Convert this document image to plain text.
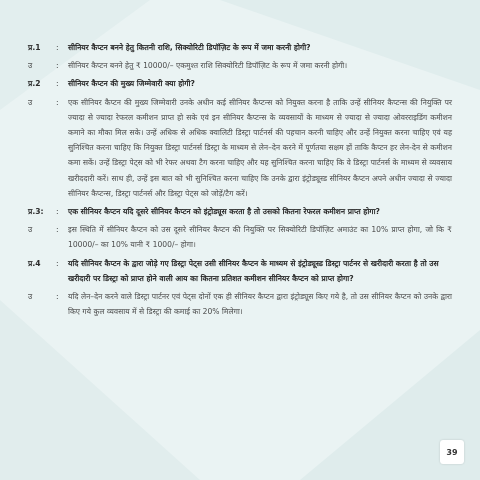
प्र.1	:	सीनियर कैप्टन बनने हेतु कितनी राशि, सिक्योरिटी डिपॉज़िट के रूप में जमा करनी होगी?
उ	:	सीनियर कैप्टन बनने हेतु ₹ 10000/– एकमुश्त राशि सिक्योरिटी डिपॉज़िट के रूप में जमा करनी होगी।
प्र.2	:	सीनियर कैप्टन की मुख्य जिम्मेवारी क्या होगी?
उ	:	एक सीनियर कैप्टन की मुख्य जिम्मेवारी उनके अधीन कई सीनियर कैप्टन्स को नियुक्त करना है ताकि उन्हें सीनियर कैप्टन्स की नियुक्ति पर ज्यादा से ज्यादा रेफरल कमीशन प्राप्त हो सके एवं इन सीनियर कैप्टन्स के व्यवसायों के माध्यम से ज्यादा से ज्यादा ओवरराइडिंग कमीशन कमाने का मौका मिल सके। उन्हें अधिक से अधिक क्वालिटी डिस्ट्रा पार्टनर्स की पहचान करनी चाहिए और उन्हें नियुक्त करना चाहिए एवं यह सुनिश्चित करना चाहिए कि नियुक्त डिस्ट्रा पार्टनर्स डिस्ट्रा के माध्यम से लेन–देन करने में पूर्णतया सक्षम हों ताकि कैप्टन हर लेन-देन से कमीशन कमा सकें। उन्हें डिस्ट्रा पेट्स को भी रेफर अथवा टैग करना चाहिए और यह सुनिश्चित करना चाहिए कि वे डिस्ट्रा पार्टनर्स के माध्यम से व्यवसाय खरीददारी करें। साथ ही, उन्हें इस बात को भी सुनिश्चित करना चाहिए कि उनके द्वारा इंट्रोड्यूस्ड सीनियर कैप्टन अपने अधीन ज्यादा से ज्यादा सीनियर कैप्टन्स, डिस्ट्रा पार्टनर्स और डिस्ट्रा पेट्स को जोड़ें/टैग करें।
प्र.3:	:	एक सीनियर कैप्टन यदि दूसरे सीनियर कैप्टन को इंट्रोड्यूस करता है तो उसको कितना रेफरल कमीशन प्राप्त होगा?
उ	:	इस स्थिति में सीनियर कैप्टन को उस दूसरे सीनियर कैप्टन की नियुक्ति पर सिक्योरिटी डिपॉज़िट अमाउंट का 10% प्राप्त होगा, जो कि ₹ 10000/– का 10% यानी ₹ 1000/– होगा।
प्र.4	:	यदि सीनियर कैप्टन के द्वारा जोड़े गए डिस्ट्रा पेट्स उसी सीनियर कैप्टन के माध्यम से इंट्रोड्यूस्ड डिस्ट्रा पार्टनर से खरीदारी करता है तो उस खरीदारी पर डिस्ट्रा को प्राप्त होने वाली आय का कितना प्रतिशत कमीशन सीनियर कैप्टन को प्राप्त होगा?
उ	:	यदि लेन–देन करने वाले डिस्ट्रा पार्टनर एवं पेट्स दोनों एक ही सीनियर कैप्टन द्वारा इंट्रोड्यूस किए गये है, तो उस सीनियर कैप्टन को उनके द्वारा किए गये कुल व्यवसाय में से डिस्ट्रा की कमाई का 20% मिलेगा।
39
